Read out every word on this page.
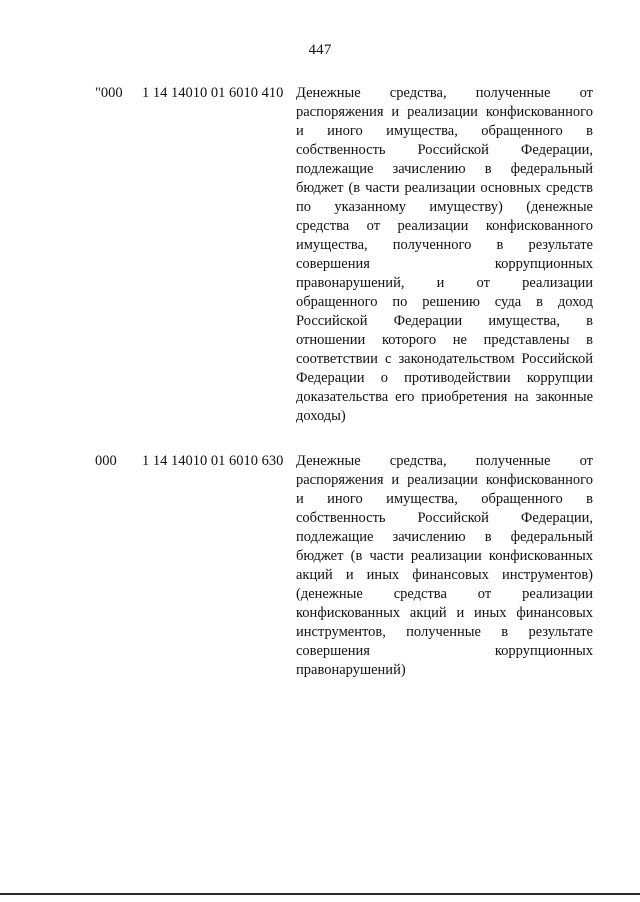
447
"000 1 14 14010 01 6010 410 Денежные средства, полученные от
распоряжения и реализации конфискованного
и иного имущества, обращенного в
собственность Российской Федерации,
подлежащие зачислению в федеральный
бюджет (в части реализации основных средств
по указанному имуществу) (денежные
средства от реализации конфискованного
имущества, полученного в результате
совершения коррупционных
правонарушений, и от реализации
обращенного по решению суда в доход
Российской Федерации имущества, в
отношении которого не представлены в
соответствии с законодательством Российской
Федерации о противодействии коррупции
доказательства его приобретения на законные
доходы)
000 1 14 14010 01 6010 630 Денежные средства, полученные от
распоряжения и реализации конфискованного
и иного имущества, обращенного в
собственность Российской Федерации,
подлежащие зачислению в федеральный
бюджет (в части реализации конфискованных
акций и иных финансовых инструментов)
(денежные средства от реализации
конфискованных акций и иных финансовых
инструментов, полученные в результате
совершения коррупционных
правонарушений)
